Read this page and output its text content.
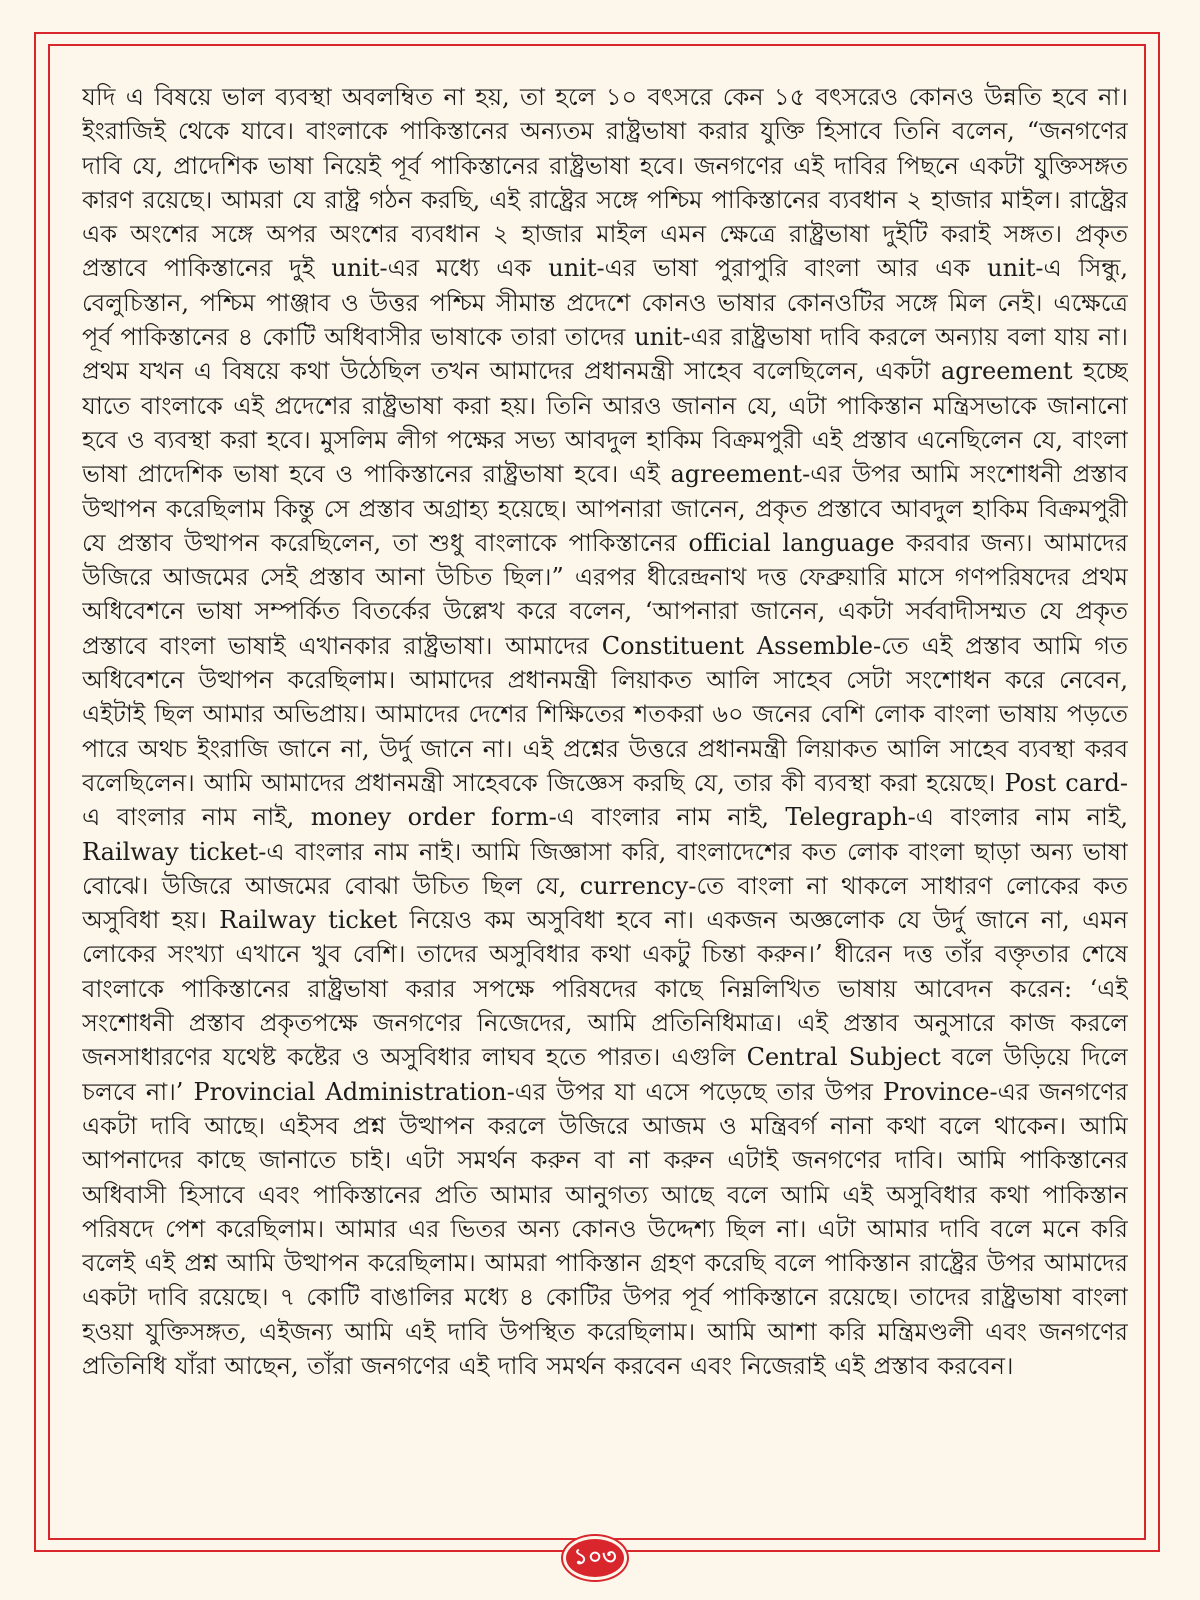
যদি এ বিষয়ে ভাল ব্যবস্থা অবলম্বিত না হয়, তা হলে ১০ বৎসরে কেন ১৫ বৎসরেও কোনও উন্নতি হবে না। ইংরাজিই থেকে যাবে। বাংলাকে পাকিস্তানের অন্যতম রাষ্ট্রভাষা করার যুক্তি হিসাবে তিনি বলেন, “জনগণের দাবি যে, প্রাদেশিক ভাষা নিয়েই পূর্ব পাকিস্তানের রাষ্ট্রভাষা হবে। জনগণের এই দাবির পিছনে একটা যুক্তিসঙ্গত কারণ রয়েছে। আমরা যে রাষ্ট্র গঠন করছি, এই রাষ্ট্রের সঙ্গে পশ্চিম পাকিস্তানের ব্যবধান ২ হাজার মাইল। রাষ্ট্রের এক অংশের সঙ্গে অপর অংশের ব্যবধান ২ হাজার মাইল এমন ক্ষেত্রে রাষ্ট্রভাষা দুইটি করাই সঙ্গত। প্রকৃত প্রস্তাবে পাকিস্তানের দুই unit-এর মধ্যে এক unit-এর ভাষা পুরাপুরি বাংলা আর এক unit-এ সিন্ধু, বেলুচিস্তান, পশ্চিম পাঞ্জাব ও উত্তর পশ্চিম সীমান্ত প্রদেশে কোনও ভাষার কোনওটির সঙ্গে মিল নেই। এক্ষেত্রে পূর্ব পাকিস্তানের ৪ কোটি অধিবাসীর ভাষাকে তারা তাদের unit-এর রাষ্ট্রভাষা দাবি করলে অন্যায় বলা যায় না। প্রথম যখন এ বিষয়ে কথা উঠেছিল তখন আমাদের প্রধানমন্ত্রী সাহেব বলেছিলেন, একটা agreement হচ্ছে যাতে বাংলাকে এই প্রদেশের রাষ্ট্রভাষা করা হয়। তিনি আরও জানান যে, এটা পাকিস্তান মন্ত্রিসভাকে জানানো হবে ও ব্যবস্থা করা হবে। মুসলিম লীগ পক্ষের সভ্য আবদুল হাকিম বিক্রমপুরী এই প্রস্তাব এনেছিলেন যে, বাংলা ভাষা প্রাদেশিক ভাষা হবে ও পাকিস্তানের রাষ্ট্রভাষা হবে। এই agreement-এর উপর আমি সংশোধনী প্রস্তাব উত্থাপন করেছিলাম কিন্তু সে প্রস্তাব অগ্রাহ্য হয়েছে। আপনারা জানেন, প্রকৃত প্রস্তাবে আবদুল হাকিম বিক্রমপুরী যে প্রস্তাব উত্থাপন করেছিলেন, তা শুধু বাংলাকে পাকিস্তানের official language করবার জন্য। আমাদের উজিরে আজমের সেই প্রস্তাব আনা উচিত ছিল।” এরপর ধীরেন্দ্রনাথ দত্ত ফেব্রুয়ারি মাসে গণপরিষদের প্রথম অধিবেশনে ভাষা সম্পর্কিত বিতর্কের উল্লেখ করে বলেন, ‘আপনারা জানেন, একটা সর্ববাদীসম্মত যে প্রকৃত প্রস্তাবে বাংলা ভাষাই এখানকার রাষ্ট্রভাষা। আমাদের Constituent Assemble-তে এই প্রস্তাব আমি গত অধিবেশনে উত্থাপন করেছিলাম। আমাদের প্রধানমন্ত্রী লিয়াকত আলি সাহেব সেটা সংশোধন করে নেবেন, এইটাই ছিল আমার অভিপ্রায়। আমাদের দেশের শিক্ষিতের শতকরা ৬০ জনের বেশি লোক বাংলা ভাষায় পড়তে পারে অথচ ইংরাজি জানে না, উর্দু জানে না। এই প্রশ্নের উত্তরে প্রধানমন্ত্রী লিয়াকত আলি সাহেব ব্যবস্থা করব বলেছিলেন। আমি আমাদের প্রধানমন্ত্রী সাহেবকে জিজ্ঞেস করছি যে, তার কী ব্যবস্থা করা হয়েছে। Post card-এ বাংলার নাম নাই, money order form-এ বাংলার নাম নাই, Telegraph-এ বাংলার নাম নাই, Railway ticket-এ বাংলার নাম নাই। আমি জিজ্ঞাসা করি, বাংলাদেশের কত লোক বাংলা ছাড়া অন্য ভাষা বোঝে। উজিরে আজমের বোঝা উচিত ছিল যে, currency-তে বাংলা না থাকলে সাধারণ লোকের কত অসুবিধা হয়। Railway ticket নিয়েও কম অসুবিধা হবে না। একজন অজ্ঞলোক যে উর্দু জানে না, এমন লোকের সংখ্যা এখানে খুব বেশি। তাদের অসুবিধার কথা একটু চিন্তা করুন।’ ধীরেন দত্ত তাঁর বক্তৃতার শেষে বাংলাকে পাকিস্তানের রাষ্ট্রভাষা করার সপক্ষে পরিষদের কাছে নিম্নলিখিত ভাষায় আবেদন করেন: ‘এই সংশোধনী প্রস্তাব প্রকৃতপক্ষে জনগণের নিজেদের, আমি প্রতিনিধিমাত্র। এই প্রস্তাব অনুসারে কাজ করলে জনসাধারণের যথেষ্ট কষ্টের ও অসুবিধার লাঘব হতে পারত। এগুলি Central Subject বলে উড়িয়ে দিলে চলবে না।’ Provincial Administration-এর উপর যা এসে পড়েছে তার উপর Province-এর জনগণের একটা দাবি আছে। এইসব প্রশ্ন উত্থাপন করলে উজিরে আজম ও মন্ত্রিবর্গ নানা কথা বলে থাকেন। আমি আপনাদের কাছে জানাতে চাই। এটা সমর্থন করুন বা না করুন এটাই জনগণের দাবি। আমি পাকিস্তানের অধিবাসী হিসাবে এবং পাকিস্তানের প্রতি আমার আনুগত্য আছে বলে আমি এই অসুবিধার কথা পাকিস্তান পরিষদে পেশ করেছিলাম। আমার এর ভিতর অন্য কোনও উদ্দেশ্য ছিল না। এটা আমার দাবি বলে মনে করি বলেই এই প্রশ্ন আমি উত্থাপন করেছিলাম। আমরা পাকিস্তান গ্রহণ করেছি বলে পাকিস্তান রাষ্ট্রের উপর আমাদের একটা দাবি রয়েছে। ৭ কোটি বাঙালির মধ্যে ৪ কোটির উপর পূর্ব পাকিস্তানে রয়েছে। তাদের রাষ্ট্রভাষা বাংলা হওয়া যুক্তিসঙ্গত, এইজন্য আমি এই দাবি উপস্থিত করেছিলাম। আমি আশা করি মন্ত্রিমণ্ডলী এবং জনগণের প্রতিনিধি যাঁরা আছেন, তাঁরা জনগণের এই দাবি সমর্থন করবেন এবং নিজেরাই এই প্রস্তাব করবেন।

১০৩
